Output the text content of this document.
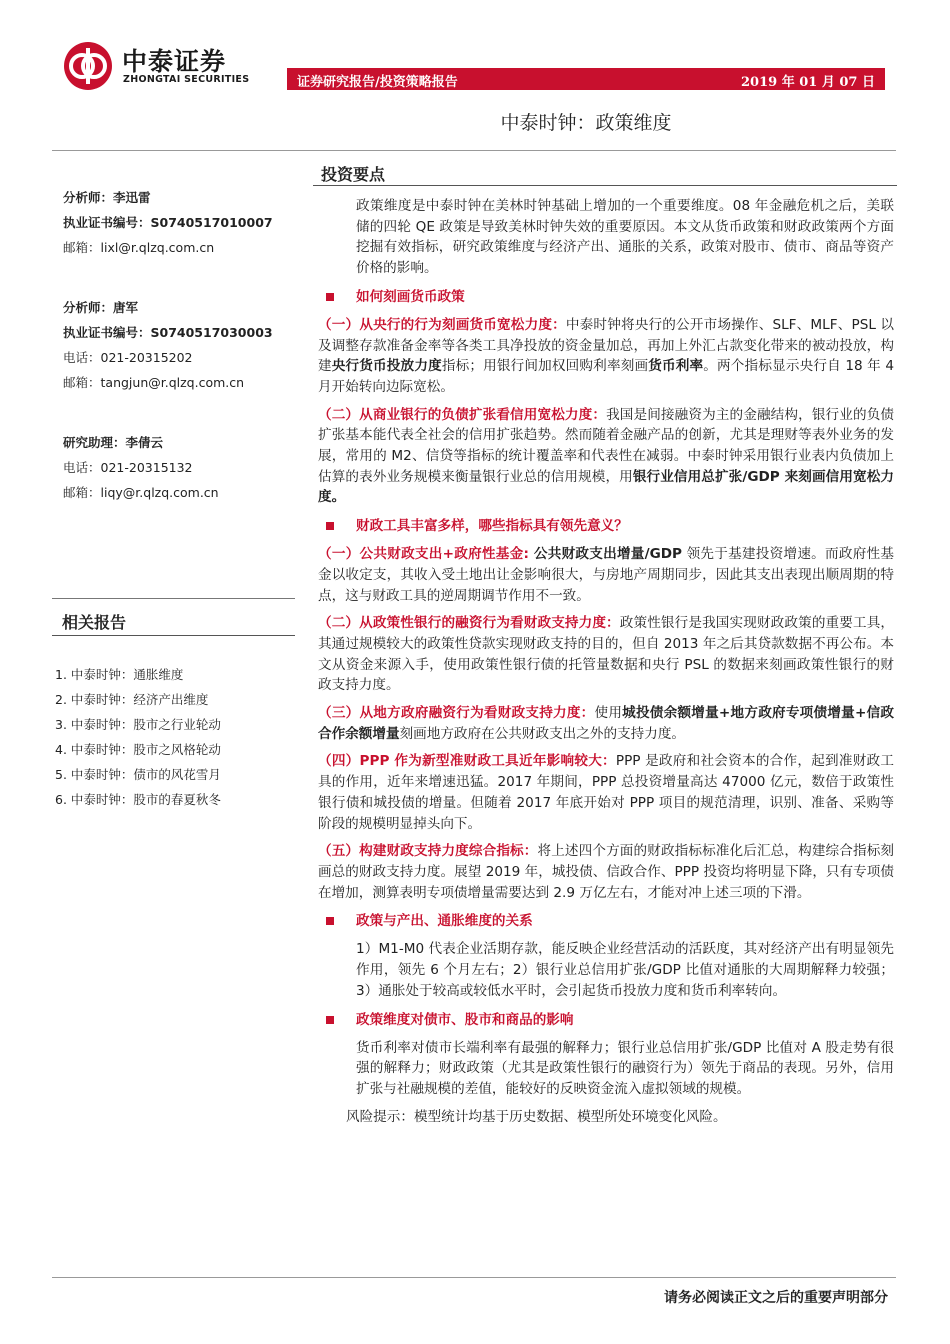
中泰证券
ZHONGTAI SECURITIES	证券研究报告/投资策略报告	2019 年 01 月 07 日
中泰时钟：政策维度
分析师：李迅雷
执业证书编号：S0740517010007
邮箱：lixl@r.qlzq.com.cn
分析师：唐军
执业证书编号：S0740517030003
电话：021-20315202
邮箱：tangjun@r.qlzq.com.cn
研究助理：李倩云
电话：021-20315132
邮箱：liqy@r.qlzq.com.cn
相关报告
1. 中泰时钟：通胀维度
2. 中泰时钟：经济产出维度
3. 中泰时钟：股市之行业轮动
4. 中泰时钟：股市之风格轮动
5. 中泰时钟：债市的风花雪月
6. 中泰时钟：股市的春夏秋冬
投资要点

政策维度是中泰时钟在美林时钟基础上增加的一个重要维度。08 年金融危机之后，美联储的四轮 QE 政策是导致美林时钟失效的重要原因。本文从货币政策和财政政策两个方面挖掘有效指标，研究政策维度与经济产出、通胀的关系，政策对股市、债市、商品等资产价格的影响。

如何刻画货币政策

（一）从央行的行为刻画货币宽松力度：中泰时钟将央行的公开市场操作、SLF、MLF、PSL 以及调整存款准备金率等各类工具净投放的资金量加总，再加上外汇占款变化带来的被动投放，构建央行货币投放力度指标；用银行间加权回购利率刻画货币利率。两个指标显示央行自 18 年 4 月开始转向边际宽松。

（二）从商业银行的负债扩张看信用宽松力度：我国是间接融资为主的金融结构，银行业的负债扩张基本能代表全社会的信用扩张趋势。然而随着金融产品的创新，尤其是理财等表外业务的发展，常用的 M2、信贷等指标的统计覆盖率和代表性在减弱。中泰时钟采用银行业表内负债加上估算的表外业务规模来衡量银行业总的信用规模，用银行业信用总扩张/GDP 来刻画信用宽松力度。

财政工具丰富多样，哪些指标具有领先意义？

（一）公共财政支出+政府性基金: 公共财政支出增量/GDP 领先于基建投资增速。而政府性基金以收定支，其收入受土地出让金影响很大，与房地产周期同步，因此其支出表现出顺周期的特点，这与财政工具的逆周期调节作用不一致。

（二）从政策性银行的融资行为看财政支持力度：政策性银行是我国实现财政政策的重要工具，其通过规模较大的政策性贷款实现财政支持的目的，但自 2013 年之后其贷款数据不再公布。本文从资金来源入手，使用政策性银行债的托管量数据和央行 PSL 的数据来刻画政策性银行的财政支持力度。

（三）从地方政府融资行为看财政支持力度：使用城投债余额增量+地方政府专项债增量+信政合作余额增量刻画地方政府在公共财政支出之外的支持力度。

（四）PPP 作为新型准财政工具近年影响较大：PPP 是政府和社会资本的合作，起到准财政工具的作用，近年来增速迅猛。2017 年期间，PPP 总投资增量高达 47000 亿元，数倍于政策性银行债和城投债的增量。但随着 2017 年底开始对 PPP 项目的规范清理，识别、准备、采购等阶段的规模明显掉头向下。

（五）构建财政支持力度综合指标：将上述四个方面的财政指标标准化后汇总，构建综合指标刻画总的财政支持力度。展望 2019 年，城投债、信政合作、PPP 投资均将明显下降，只有专项债在增加，测算表明专项债增量需要达到 2.9 万亿左右，才能对冲上述三项的下滑。

政策与产出、通胀维度的关系

1）M1-M0 代表企业活期存款，能反映企业经营活动的活跃度，其对经济产出有明显领先作用，领先 6 个月左右；2）银行业总信用扩张/GDP 比值对通胀的大周期解释力较强；3）通胀处于较高或较低水平时，会引起货币投放力度和货币利率转向。

政策维度对债市、股市和商品的影响

货币利率对债市长端利率有最强的解释力；银行业总信用扩张/GDP 比值对 A 股走势有很强的解释力；财政政策（尤其是政策性银行的融资行为）领先于商品的表现。另外，信用扩张与社融规模的差值，能较好的反映资金流入虚拟领域的规模。

风险提示：模型统计均基于历史数据、模型所处环境变化风险。

请务必阅读正文之后的重要声明部分
